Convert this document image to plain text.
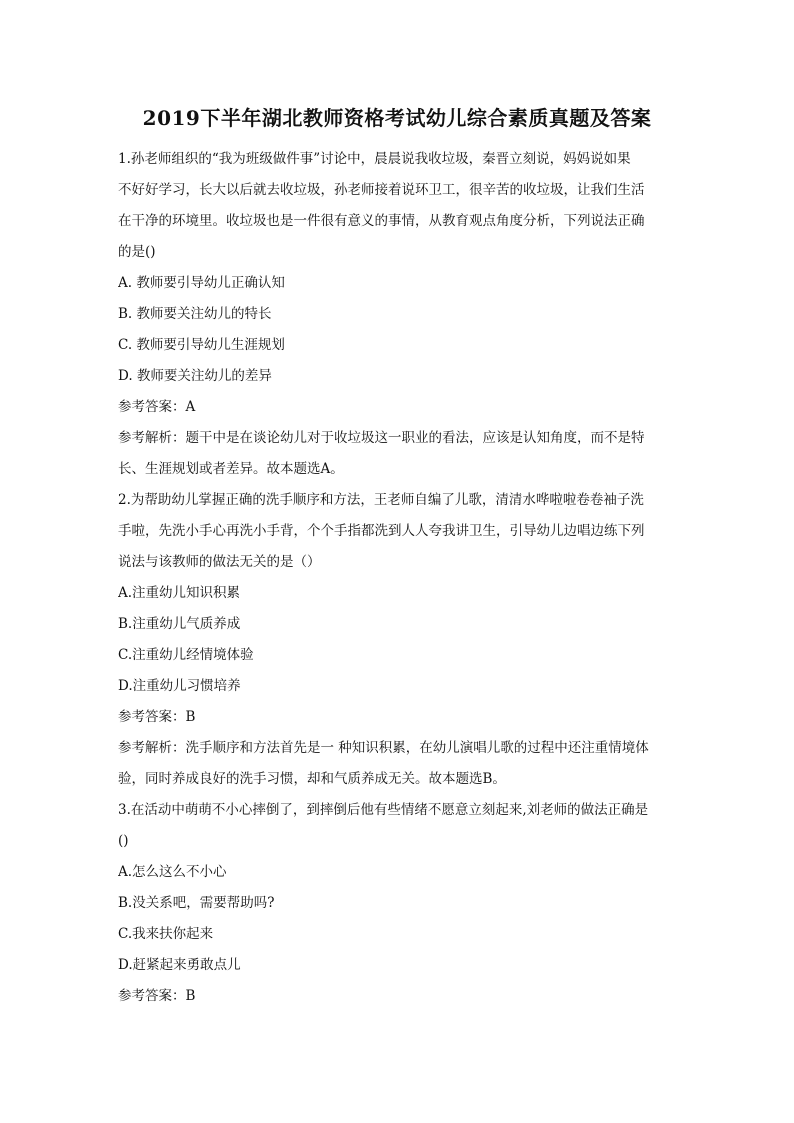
2019下半年湖北教师资格考试幼儿综合素质真题及答案
1.孙老师组织的“我为班级做件事”讨论中，晨晨说我收垃圾，秦晋立刻说，妈妈说如果
不好好学习，长大以后就去收垃圾，孙老师接着说环卫工，很辛苦的收垃圾，让我们生活
在干净的环境里。收垃圾也是一件很有意义的事情，从教育观点角度分析，下列说法正确
的是()
A. 教师要引导幼儿正确认知
B. 教师要关注幼儿的特长
C. 教师要引导幼儿生涯规划
D. 教师要关注幼儿的差异
参考答案：A
参考解析：题干中是在谈论幼儿对于收垃圾这一职业的看法，应该是认知角度，而不是特
长、生涯规划或者差异。故本题选A。
2.为帮助幼儿掌握正确的洗手顺序和方法，王老师自编了儿歌，清清水哗啦啦卷卷袖子洗
手啦，先洗小手心再洗小手背，个个手指都洗到人人夸我讲卫生，引导幼儿边唱边练下列
说法与该教师的做法无关的是（）
A.注重幼儿知识积累
B.注重幼儿气质养成
C.注重幼儿经情境体验
D.注重幼儿习惯培养
参考答案：B
参考解析：洗手顺序和方法首先是一 种知识积累，在幼儿演唱儿歌的过程中还注重情境体
验，同时养成良好的洗手习惯，却和气质养成无关。故本题选B。
3.在活动中萌萌不小心摔倒了，到摔倒后他有些情绪不愿意立刻起来,刘老师的做法正确是
()
A.怎么这么不小心
B.没关系吧，需要帮助吗?
C.我来扶你起来
D.赶紧起来勇敢点儿
参考答案：B
